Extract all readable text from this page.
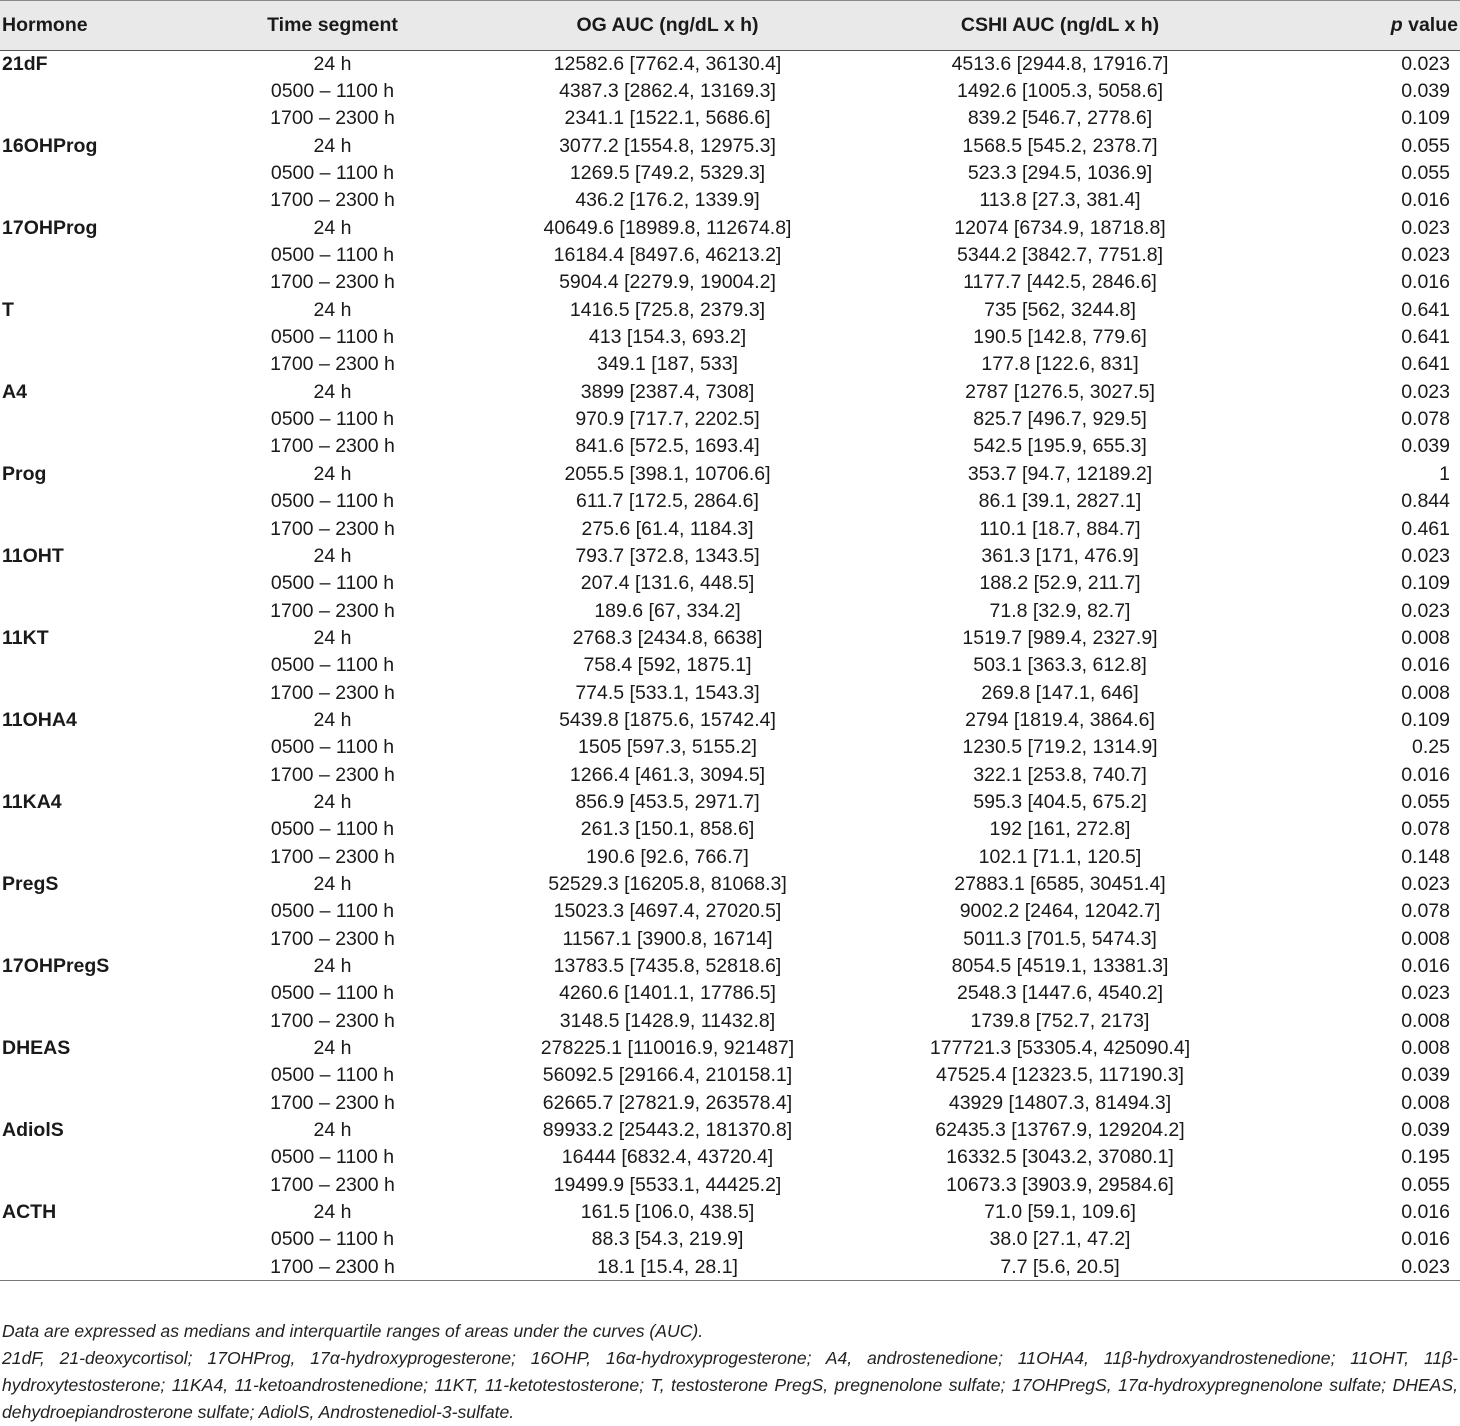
Hormone	Time segment	OG AUC (ng/dL x h)	CSHI AUC (ng/dL x h)	p value
21dF	24 h	12582.6 [7762.4, 36130.4]	4513.6 [2944.8, 17916.7]	0.023
	0500 – 1100 h	4387.3 [2862.4, 13169.3]	1492.6 [1005.3, 5058.6]	0.039
	1700 – 2300 h	2341.1 [1522.1, 5686.6]	839.2 [546.7, 2778.6]	0.109
16OHProg	24 h	3077.2 [1554.8, 12975.3]	1568.5 [545.2, 2378.7]	0.055
	0500 – 1100 h	1269.5 [749.2, 5329.3]	523.3 [294.5, 1036.9]	0.055
	1700 – 2300 h	436.2 [176.2, 1339.9]	113.8 [27.3, 381.4]	0.016
17OHProg	24 h	40649.6 [18989.8, 112674.8]	12074 [6734.9, 18718.8]	0.023
	0500 – 1100 h	16184.4 [8497.6, 46213.2]	5344.2 [3842.7, 7751.8]	0.023
	1700 – 2300 h	5904.4 [2279.9, 19004.2]	1177.7 [442.5, 2846.6]	0.016
T	24 h	1416.5 [725.8, 2379.3]	735 [562, 3244.8]	0.641
	0500 – 1100 h	413 [154.3, 693.2]	190.5 [142.8, 779.6]	0.641
	1700 – 2300 h	349.1 [187, 533]	177.8 [122.6, 831]	0.641
A4	24 h	3899 [2387.4, 7308]	2787 [1276.5, 3027.5]	0.023
	0500 – 1100 h	970.9 [717.7, 2202.5]	825.7 [496.7, 929.5]	0.078
	1700 – 2300 h	841.6 [572.5, 1693.4]	542.5 [195.9, 655.3]	0.039
Prog	24 h	2055.5 [398.1, 10706.6]	353.7 [94.7, 12189.2]	1
	0500 – 1100 h	611.7 [172.5, 2864.6]	86.1 [39.1, 2827.1]	0.844
	1700 – 2300 h	275.6 [61.4, 1184.3]	110.1 [18.7, 884.7]	0.461
11OHT	24 h	793.7 [372.8, 1343.5]	361.3 [171, 476.9]	0.023
	0500 – 1100 h	207.4 [131.6, 448.5]	188.2 [52.9, 211.7]	0.109
	1700 – 2300 h	189.6 [67, 334.2]	71.8 [32.9, 82.7]	0.023
11KT	24 h	2768.3 [2434.8, 6638]	1519.7 [989.4, 2327.9]	0.008
	0500 – 1100 h	758.4 [592, 1875.1]	503.1 [363.3, 612.8]	0.016
	1700 – 2300 h	774.5 [533.1, 1543.3]	269.8 [147.1, 646]	0.008
11OHA4	24 h	5439.8 [1875.6, 15742.4]	2794 [1819.4, 3864.6]	0.109
	0500 – 1100 h	1505 [597.3, 5155.2]	1230.5 [719.2, 1314.9]	0.25
	1700 – 2300 h	1266.4 [461.3, 3094.5]	322.1 [253.8, 740.7]	0.016
11KA4	24 h	856.9 [453.5, 2971.7]	595.3 [404.5, 675.2]	0.055
	0500 – 1100 h	261.3 [150.1, 858.6]	192 [161, 272.8]	0.078
	1700 – 2300 h	190.6 [92.6, 766.7]	102.1 [71.1, 120.5]	0.148
PregS	24 h	52529.3 [16205.8, 81068.3]	27883.1 [6585, 30451.4]	0.023
	0500 – 1100 h	15023.3 [4697.4, 27020.5]	9002.2 [2464, 12042.7]	0.078
	1700 – 2300 h	11567.1 [3900.8, 16714]	5011.3 [701.5, 5474.3]	0.008
17OHPregS	24 h	13783.5 [7435.8, 52818.6]	8054.5 [4519.1, 13381.3]	0.016
	0500 – 1100 h	4260.6 [1401.1, 17786.5]	2548.3 [1447.6, 4540.2]	0.023
	1700 – 2300 h	3148.5 [1428.9, 11432.8]	1739.8 [752.7, 2173]	0.008
DHEAS	24 h	278225.1 [110016.9, 921487]	177721.3 [53305.4, 425090.4]	0.008
	0500 – 1100 h	56092.5 [29166.4, 210158.1]	47525.4 [12323.5, 117190.3]	0.039
	1700 – 2300 h	62665.7 [27821.9, 263578.4]	43929 [14807.3, 81494.3]	0.008
AdiolS	24 h	89933.2 [25443.2, 181370.8]	62435.3 [13767.9, 129204.2]	0.039
	0500 – 1100 h	16444 [6832.4, 43720.4]	16332.5 [3043.2, 37080.1]	0.195
	1700 – 2300 h	19499.9 [5533.1, 44425.2]	10673.3 [3903.9, 29584.6]	0.055
ACTH	24 h	161.5 [106.0, 438.5]	71.0 [59.1, 109.6]	0.016
	0500 – 1100 h	88.3 [54.3, 219.9]	38.0 [27.1, 47.2]	0.016
	1700 – 2300 h	18.1 [15.4, 28.1]	7.7 [5.6, 20.5]	0.023

Data are expressed as medians and interquartile ranges of areas under the curves (AUC).

21dF, 21-deoxycortisol; 17OHProg, 17α-hydroxyprogesterone; 16OHP, 16α-hydroxyprogesterone; A4, androstenedione; 11OHA4, 11β-hydroxyandrostenedione; 11OHT, 11β-hydroxytestosterone; 11KA4, 11-ketoandrostenedione; 11KT, 11-ketotestosterone; T, testosterone PregS, pregnenolone sulfate; 17OHPregS, 17α-hydroxypregnenolone sulfate; DHEAS, dehydroepiandrosterone sulfate; AdiolS, Androstenediol-3-sulfate.
